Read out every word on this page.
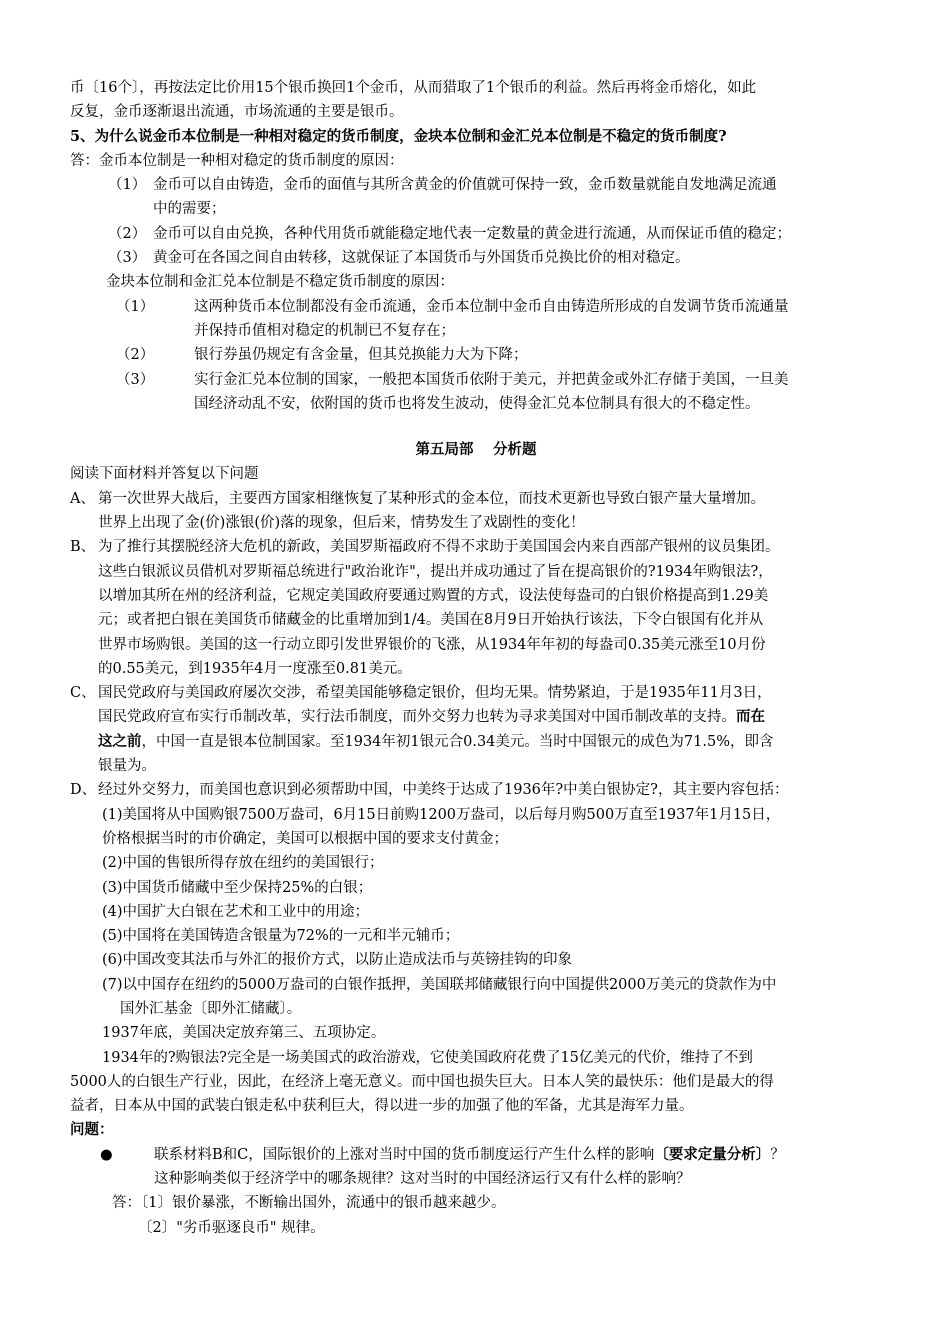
币〔16个〕，再按法定比价用15个银币换回1个金币，从而猎取了1个银币的利益。然后再将金币熔化，如此

反复，金币逐渐退出流通，市场流通的主要是银币。

5、为什么说金币本位制是一种相对稳定的货币制度，金块本位制和金汇兑本位制是不稳定的货币制度?

答：金币本位制是一种相对稳定的货币制度的原因：

（1） 金币可以自由铸造，金币的面值与其所含黄金的价值就可保持一致，金币数量就能自发地满足流通

中的需要；

（2） 金币可以自由兑换，各种代用货币就能稳定地代表一定数量的黄金进行流通，从而保证币值的稳定；

（3） 黄金可在各国之间自由转移，这就保证了本国货币与外国货币兑换比价的相对稳定。

金块本位制和金汇兑本位制是不稳定货币制度的原因：

（1）	这两种货币本位制都没有金币流通，金币本位制中金币自由铸造所形成的自发调节货币流通量

并保持币值相对稳定的机制已不复存在；

（2）	银行券虽仍规定有含金量，但其兑换能力大为下降；

（3）	实行金汇兑本位制的国家，一般把本国货币依附于美元，并把黄金或外汇存储于美国，一旦美

国经济动乱不安，依附国的货币也将发生波动，使得金汇兑本位制具有很大的不稳定性。

第五局部　 分析题

阅读下面材料并答复以下问题

A、 第一次世界大战后，主要西方国家相继恢复了某种形式的金本位，而技术更新也导致白银产量大量增加。

世界上出现了金(价)涨银(价)落的现象，但后来，情势发生了戏剧性的变化！

B、 为了推行其摆脱经济大危机的新政，美国罗斯福政府不得不求助于美国国会内来自西部产银州的议员集团。

这些白银派议员借机对罗斯福总统进行"政治讹诈"，提出并成功通过了旨在提高银价的?1934年购银法?，

以增加其所在州的经济利益，它规定美国政府要通过购置的方式，设法使每盎司的白银价格提高到1.29美

元；或者把白银在美国货币储藏金的比重增加到1/4。美国在8月9日开始执行该法，下令白银国有化并从

世界市场购银。美国的这一行动立即引发世界银价的飞涨，从1934年年初的每盎司0.35美元涨至10月份

的0.55美元，到1935年4月一度涨至0.81美元。

C、 国民党政府与美国政府屡次交涉，希望美国能够稳定银价，但均无果。情势紧迫，于是1935年11月3日，

国民党政府宣布实行币制改革，实行法币制度，而外交努力也转为寻求美国对中国币制改革的支持。而在

这之前，中国一直是银本位制国家。至1934年初1银元合0.34美元。当时中国银元的成色为71.5%，即含

银量为。

D、 经过外交努力，而美国也意识到必须帮助中国，中美终于达成了1936年?中美白银协定?，其主要内容包括：

(1)美国将从中国购银7500万盎司，6月15日前购1200万盎司，以后每月购500万直至1937年1月15日，

价格根据当时的市价确定，美国可以根据中国的要求支付黄金；

(2)中国的售银所得存放在纽约的美国银行；

(3)中国货币储藏中至少保持25%的白银；

(4)中国扩大白银在艺术和工业中的用途；

(5)中国将在美国铸造含银量为72%的一元和半元辅币；

(6)中国改变其法币与外汇的报价方式，以防止造成法币与英镑挂钩的印象

(7)以中国存在纽约的5000万盎司的白银作抵押，美国联邦储藏银行向中国提供2000万美元的贷款作为中

国外汇基金〔即外汇储藏〕。

1937年底，美国决定放弃第三、五项协定。

1934年的?购银法?完全是一场美国式的政治游戏，它使美国政府花费了15亿美元的代价，维持了不到

5000人的白银生产行业，因此，在经济上毫无意义。而中国也损失巨大。日本人笑的最快乐：他们是最大的得

益者，日本从中国的武装白银走私中获利巨大，得以进一步的加强了他的军备，尤其是海军力量。

问题：

●	联系材料B和C，国际银价的上涨对当时中国的货币制度运行产生什么样的影响〔要求定量分析〕？

这种影响类似于经济学中的哪条规律？这对当时的中国经济运行又有什么样的影响？

答：〔1〕银价暴涨，不断输出国外，流通中的银币越来越少。

〔2〕"劣币驱逐良币" 规律。
